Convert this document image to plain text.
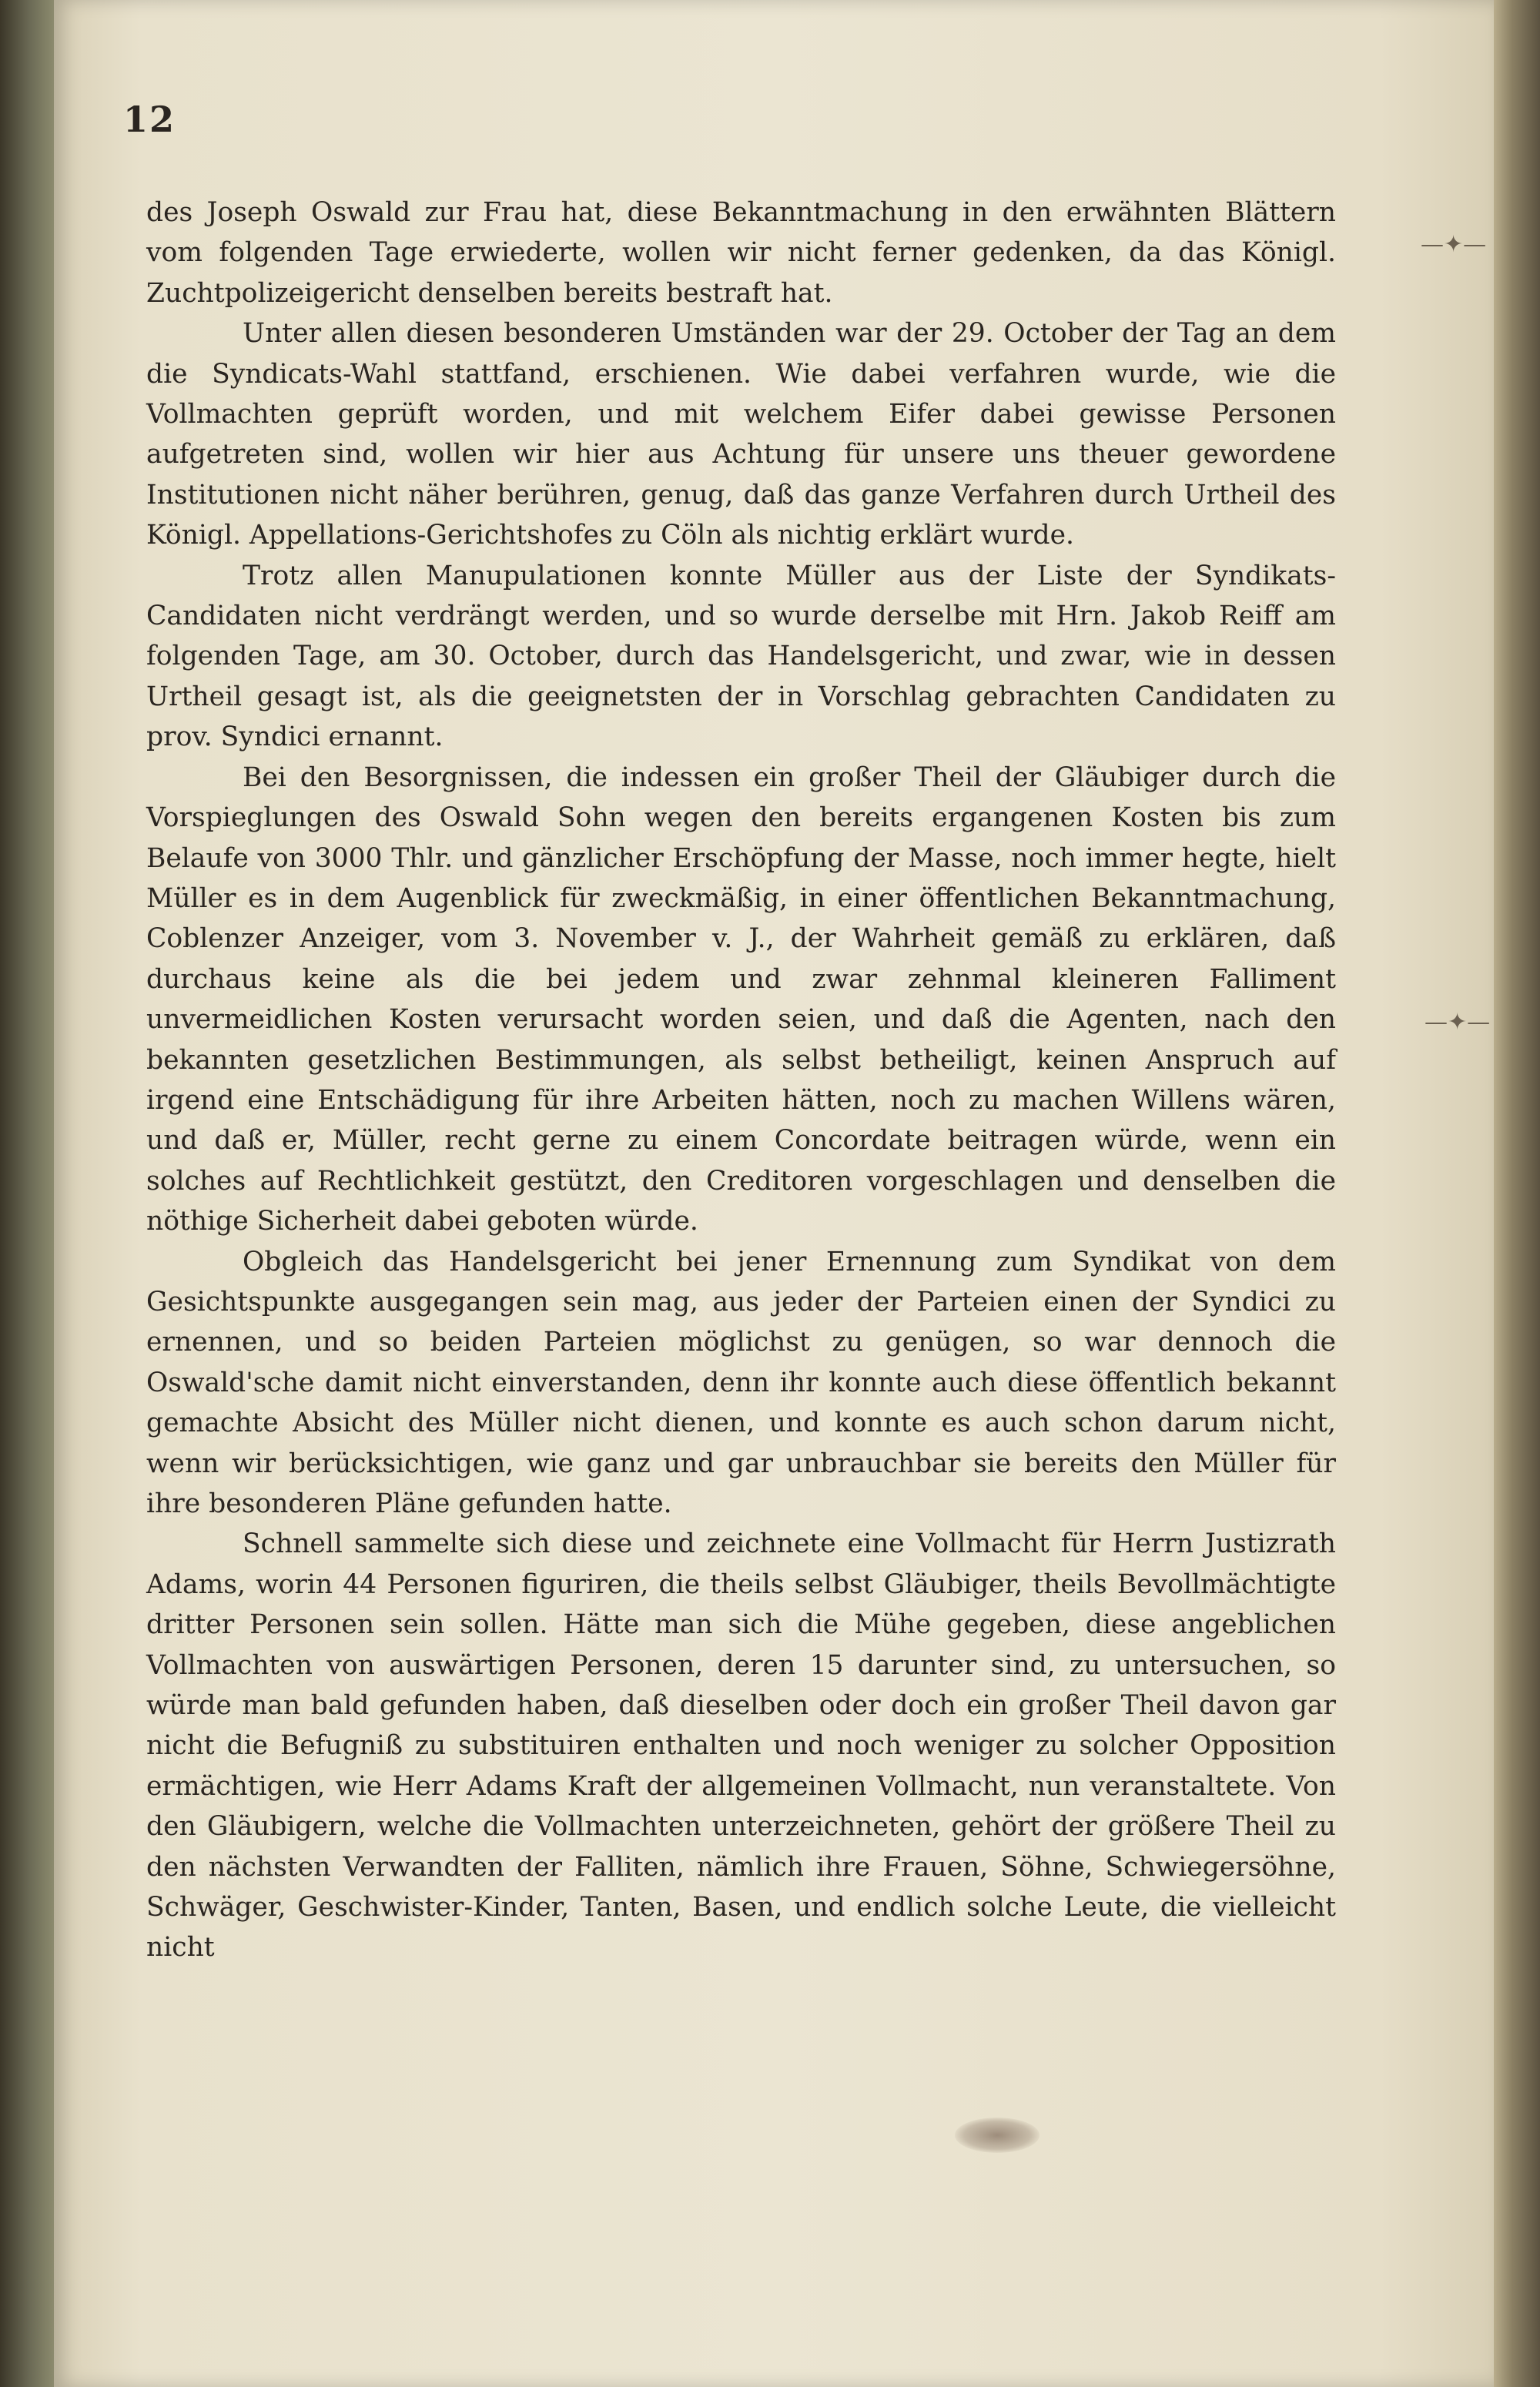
12

des Joseph Oswald zur Frau hat, diese Bekanntmachung in den erwähnten Blättern vom folgenden Tage erwiederte, wollen wir nicht ferner gedenken, da das Königl. Zuchtpolizeigericht denselben bereits bestraft hat.

Unter allen diesen besonderen Umständen war der 29. October der Tag an dem die Syndicats-Wahl stattfand, erschienen. Wie dabei verfahren wurde, wie die Vollmachten geprüft worden, und mit welchem Eifer dabei gewisse Personen aufgetreten sind, wollen wir hier aus Achtung für unsere uns theuer gewordene Institutionen nicht näher berühren, genug, daß das ganze Verfahren durch Urtheil des Königl. Appellations-Gerichtshofes zu Cöln als nichtig erklärt wurde.

Trotz allen Manupulationen konnte Müller aus der Liste der Syndikats-Candidaten nicht verdrängt werden, und so wurde derselbe mit Hrn. Jakob Reiff am folgenden Tage, am 30. October, durch das Handelsgericht, und zwar, wie in dessen Urtheil gesagt ist, als die geeignetsten der in Vorschlag gebrachten Candidaten zu prov. Syndici ernannt.

Bei den Besorgnissen, die indessen ein großer Theil der Gläubiger durch die Vorspieglungen des Oswald Sohn wegen den bereits ergangenen Kosten bis zum Belaufe von 3000 Thlr. und gänzlicher Erschöpfung der Masse, noch immer hegte, hielt Müller es in dem Augenblick für zweckmäßig, in einer öffentlichen Bekanntmachung, Coblenzer Anzeiger, vom 3. November v. J., der Wahrheit gemäß zu erklären, daß durchaus keine als die bei jedem und zwar zehnmal kleineren Falliment unvermeidlichen Kosten verursacht worden seien, und daß die Agenten, nach den bekannten gesetzlichen Bestimmungen, als selbst betheiligt, keinen Anspruch auf irgend eine Entschädigung für ihre Arbeiten hätten, noch zu machen Willens wären, und daß er, Müller, recht gerne zu einem Concordate beitragen würde, wenn ein solches auf Rechtlichkeit gestützt, den Creditoren vorgeschlagen und denselben die nöthige Sicherheit dabei geboten würde.

Obgleich das Handelsgericht bei jener Ernennung zum Syndikat von dem Gesichtspunkte ausgegangen sein mag, aus jeder der Parteien einen der Syndici zu ernennen, und so beiden Parteien möglichst zu genügen, so war dennoch die Oswald'sche damit nicht einverstanden, denn ihr konnte auch diese öffentlich bekannt gemachte Absicht des Müller nicht dienen, und konnte es auch schon darum nicht, wenn wir berücksichtigen, wie ganz und gar unbrauchbar sie bereits den Müller für ihre besonderen Pläne gefunden hatte.

Schnell sammelte sich diese und zeichnete eine Vollmacht für Herrn Justizrath Adams, worin 44 Personen figuriren, die theils selbst Gläubiger, theils Bevollmächtigte dritter Personen sein sollen. Hätte man sich die Mühe gegeben, diese angeblichen Vollmachten von auswärtigen Personen, deren 15 darunter sind, zu untersuchen, so würde man bald gefunden haben, daß dieselben oder doch ein großer Theil davon gar nicht die Befugniß zu substituiren enthalten und noch weniger zu solcher Opposition ermächtigen, wie Herr Adams Kraft der allgemeinen Vollmacht, nun veranstaltete. Von den Gläubigern, welche die Vollmachten unterzeichneten, gehört der größere Theil zu den nächsten Verwandten der Falliten, nämlich ihre Frauen, Söhne, Schwiegersöhne, Schwäger, Geschwister-Kinder, Tanten, Basen, und endlich solche Leute, die vielleicht nicht

—✦—
—✦—
